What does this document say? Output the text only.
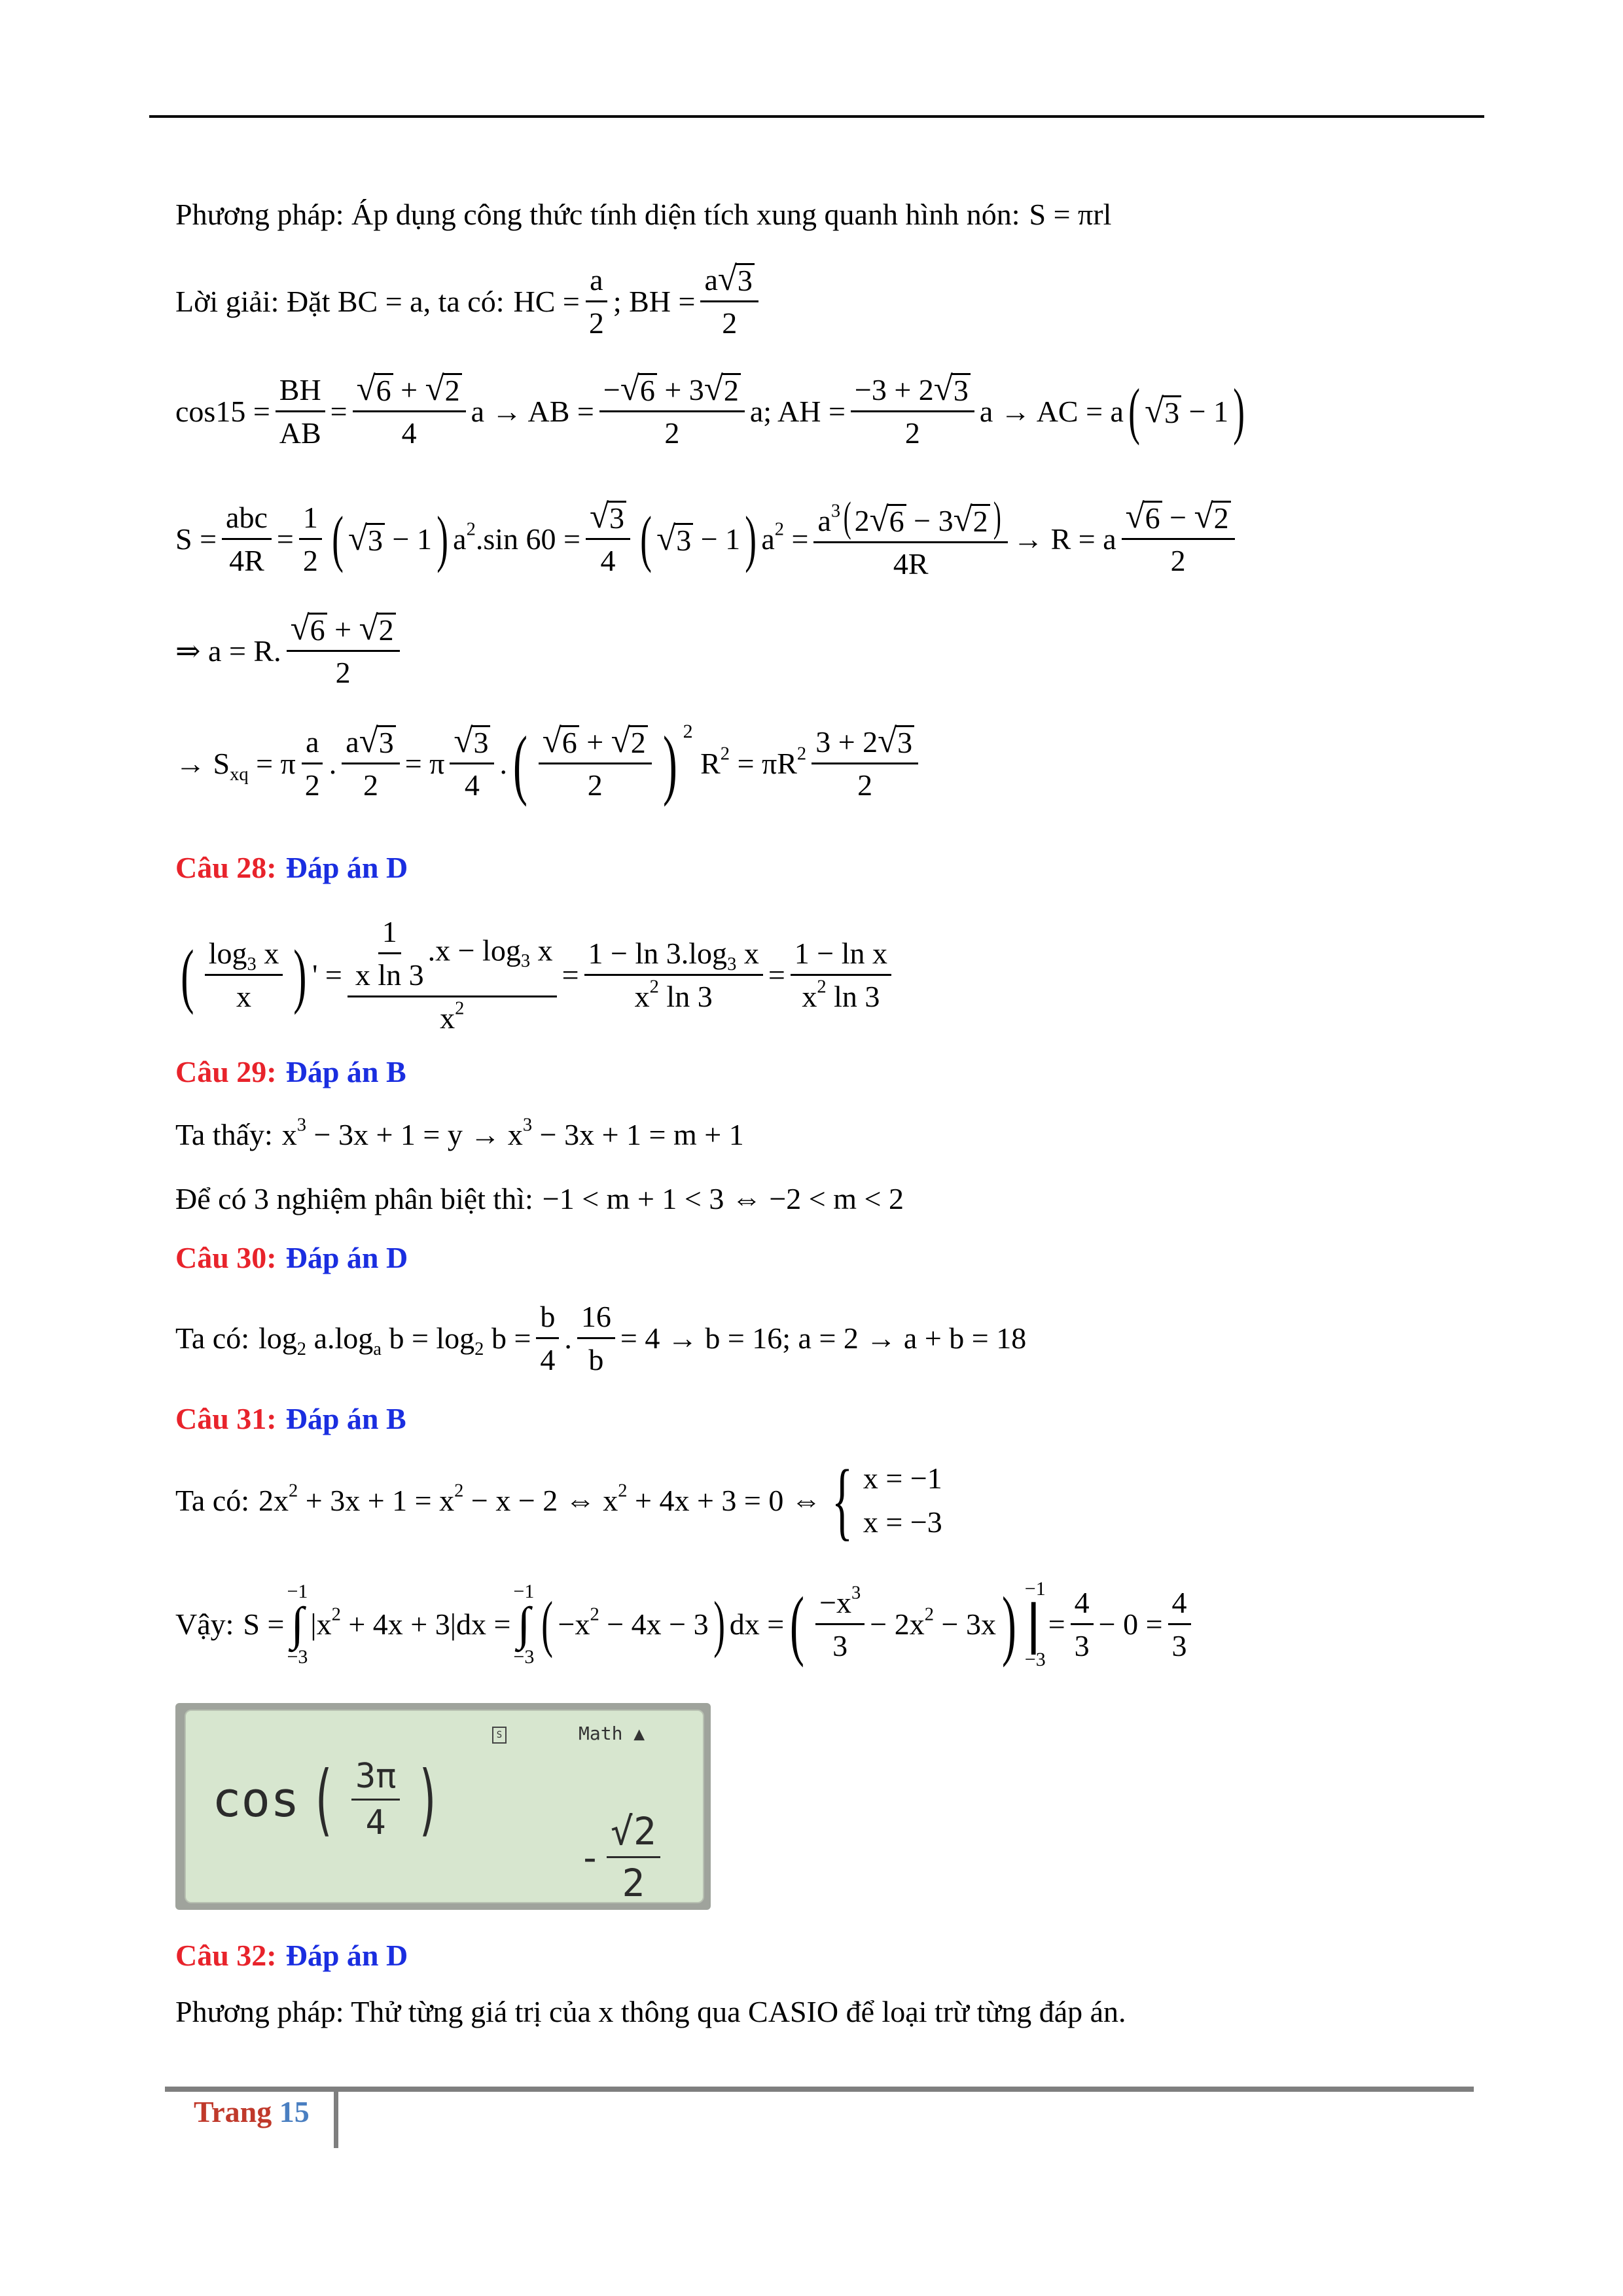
Phương pháp: Áp dụng công thức tính diện tích xung quanh hình nón: S = πrl
Lời giải: Đặt BC = a, ta có: HC = $\frac{a}{2}$ ; BH = $\frac{a √ 3}{2}$
$\cos 15 = \frac{BH}{AB} = \frac{√ 6 + √ 2}{4}$ a → AB = $\frac{- √ 6 + 3 √ 2}{2} a$; AH = $\frac{-3 + 2 √ 3}{2}$ a → AC = a ( √ 3 − 1 )
$S = \frac{\text{abc}}{4R} = \frac{1}{2}$ ( √ 3 − 1 ) $a^2.\sin$ $60 = \frac{√ 3}{4}$ ( √ 3 − 1 ) $a^2 = \frac{a^3( 2 √ 6 - 3 √ 2 )}{4R} \to R = a \frac{√ 6 - √ 2}{2}$
⇒ a = R. $\frac{√ 6 + √ 2}{2}$
→ $S_{xq} = \pi \frac{a}{2}$ . $\frac{a √ 3}{2} = \pi \frac{√ 3}{4}$ . ( $\frac{√ 6 + √ 2}{2}$ ) 2
$R^2 = \pi R^2 \frac{3 + 2 √ 3}{2}$
Câu 28: Đáp án D
( $\frac{\log_3 x}{x}$ ) ' = $\frac{\frac{1}{\text{x ln 3}} .x - \log_3 x}{x^2} = \frac{1 - \ln 3.\log_3 x}{x^2 \ln 3} = \frac{\text{1 − ln x}}{x^2 \ln 3}$
Câu 29: Đáp án B
Ta thấy: $x^3 - 3x + 1 = y \to x^3 - 3x + 1 = m + 1$
Để có 3 nghiệm phân biệt thì: −1 < m + 1 < 3 ⇔ −2 < m < 2
Câu 30: Đáp án D
Ta có: $\log_2 a.\log_a$ $b = \log_2 b = \frac{b}{4}$ . $\frac{16}{b} = 4 \to b = 16$; a = 2 → a + b = 18
Câu 31: Đáp án B
Ta có: $2x^2 + 3x + 1 = x^2 - x - 2$ ⇔ $x^2 + 4x + 3 = 0$ ⇔ { x = −1
x = −3
Vậy: S =
−1
∫
−3
$|x^2 + 4x + 3|dx$ =
−1
∫
−3 ( $-x^2 - 4x - 3$ ) dx = ( $\frac{-x^3}{3} - 2x^2 - 3x$ ) −1
|
−3
= $\frac{4}{3} - 0 = \frac{4}{3}$
S	Math ▲
cos ( $\frac{3\pi}{4}$ )
- $\frac{√2}{2}$
Câu 32: Đáp án D
Phương pháp: Thử từng giá trị của x thông qua CASIO để loại trừ từng đáp án.
Trang 15
